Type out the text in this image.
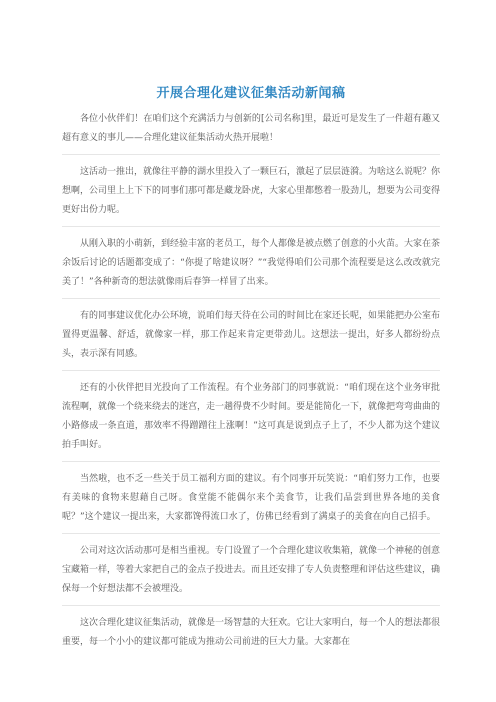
开展合理化建议征集活动新闻稿

各位小伙伴们！在咱们这个充满活力与创新的[公司名称]里，最近可是发生了一件超有趣又超有意义的事儿——合理化建议征集活动火热开展啦！

这活动一推出，就像往平静的湖水里投入了一颗巨石，激起了层层涟漪。为啥这么说呢？你想啊，公司里上上下下的同事们那可都是藏龙卧虎，大家心里都憋着一股劲儿，想要为公司变得更好出份力呢。

从刚入职的小萌新，到经验丰富的老员工，每个人都像是被点燃了创意的小火苗。大家在茶余饭后讨论的话题都变成了：“你提了啥建议呀？”“我觉得咱们公司那个流程要是这么改改就完美了！”各种新奇的想法就像雨后春笋一样冒了出来。

有的同事建议优化办公环境，说咱们每天待在公司的时间比在家还长呢，如果能把办公室布置得更温馨、舒适，就像家一样，那工作起来肯定更带劲儿。这想法一提出，好多人都纷纷点头，表示深有同感。

还有的小伙伴把目光投向了工作流程。有个业务部门的同事就说：“咱们现在这个业务审批流程啊，就像一个绕来绕去的迷宫，走一趟得费不少时间。要是能简化一下，就像把弯弯曲曲的小路修成一条直道，那效率不得蹭蹭往上涨啊！”这可真是说到点子上了，不少人都为这个建议拍手叫好。

当然啦，也不乏一些关于员工福利方面的建议。有个同事开玩笑说：“咱们努力工作，也要有美味的食物来慰藉自己呀。食堂能不能偶尔来个美食节，让我们品尝到世界各地的美食呢？”这个建议一提出来，大家都馋得流口水了，仿佛已经看到了满桌子的美食在向自己招手。

公司对这次活动那可是相当重视。专门设置了一个合理化建议收集箱，就像一个神秘的创意宝藏箱一样，等着大家把自己的金点子投进去。而且还安排了专人负责整理和评估这些建议，确保每一个好想法都不会被埋没。

这次合理化建议征集活动，就像是一场智慧的大狂欢。它让大家明白，每一个人的想法都很重要，每一个小小的建议都可能成为推动公司前进的巨大力量。大家都在
